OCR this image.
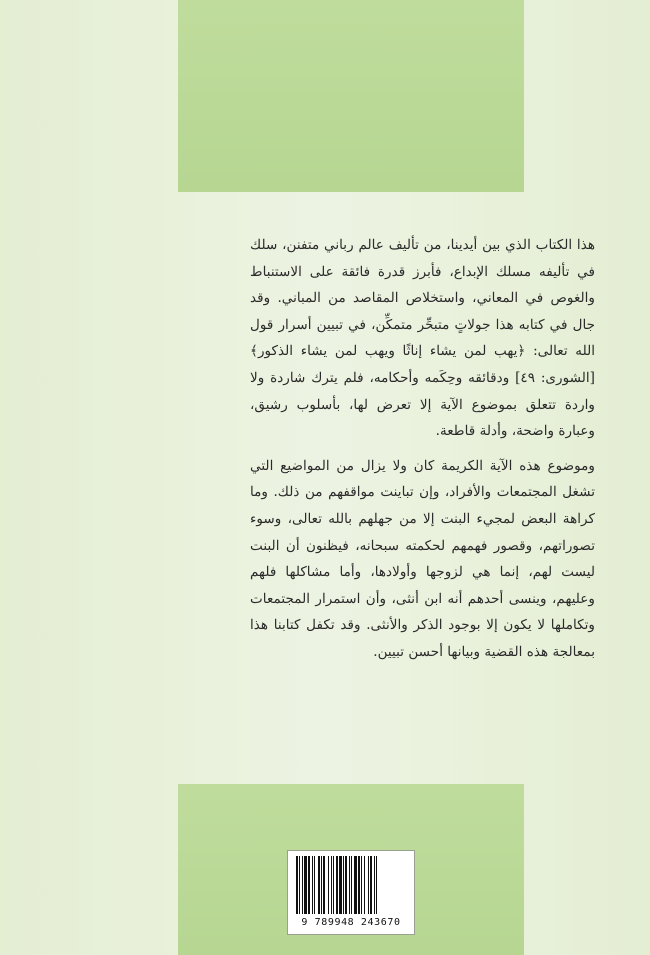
هذا الكتاب الذي بين أيدينا، من تأليف عالم رباني متفنن، سلك في تأليفه مسلك الإبداع، فأبرز قدرة فائقة على الاستنباط والغوص في المعاني، واستخلاص المقاصد من المباني. وقد جال في كتابه هذا جولاتٍ متبحِّر متمكِّن، في تبيين أسرار قول الله تعالى: ﴿يهب لمن يشاء إناثًا ويهب لمن يشاء الذكور﴾ [الشورى: ٤٩] ودقائقه وحِكَمه وأحكامه، فلم يترك شاردة ولا واردة تتعلق بموضوع الآية إلا تعرض لها، بأسلوب رشيق، وعبارة واضحة، وأدلة قاطعة.

وموضوع هذه الآية الكريمة كان ولا يزال من المواضيع التي تشغل المجتمعات والأفراد، وإن تباينت مواقفهم من ذلك. وما كراهة البعض لمجيء البنت إلا من جهلهم بالله تعالى، وسوء تصوراتهم، وقصور فهمهم لحكمته سبحانه، فيظنون أن البنت ليست لهم، إنما هي لزوجها وأولادها، وأما مشاكلها فلهم وعليهم، وينسى أحدهم أنه ابن أنثى، وأن استمرار المجتمعات وتكاملها لا يكون إلا بوجود الذكر والأنثى. وقد تكفل كتابنا هذا بمعالجة هذه القضية وبيانها أحسن تبيين.

9 789948 243670
